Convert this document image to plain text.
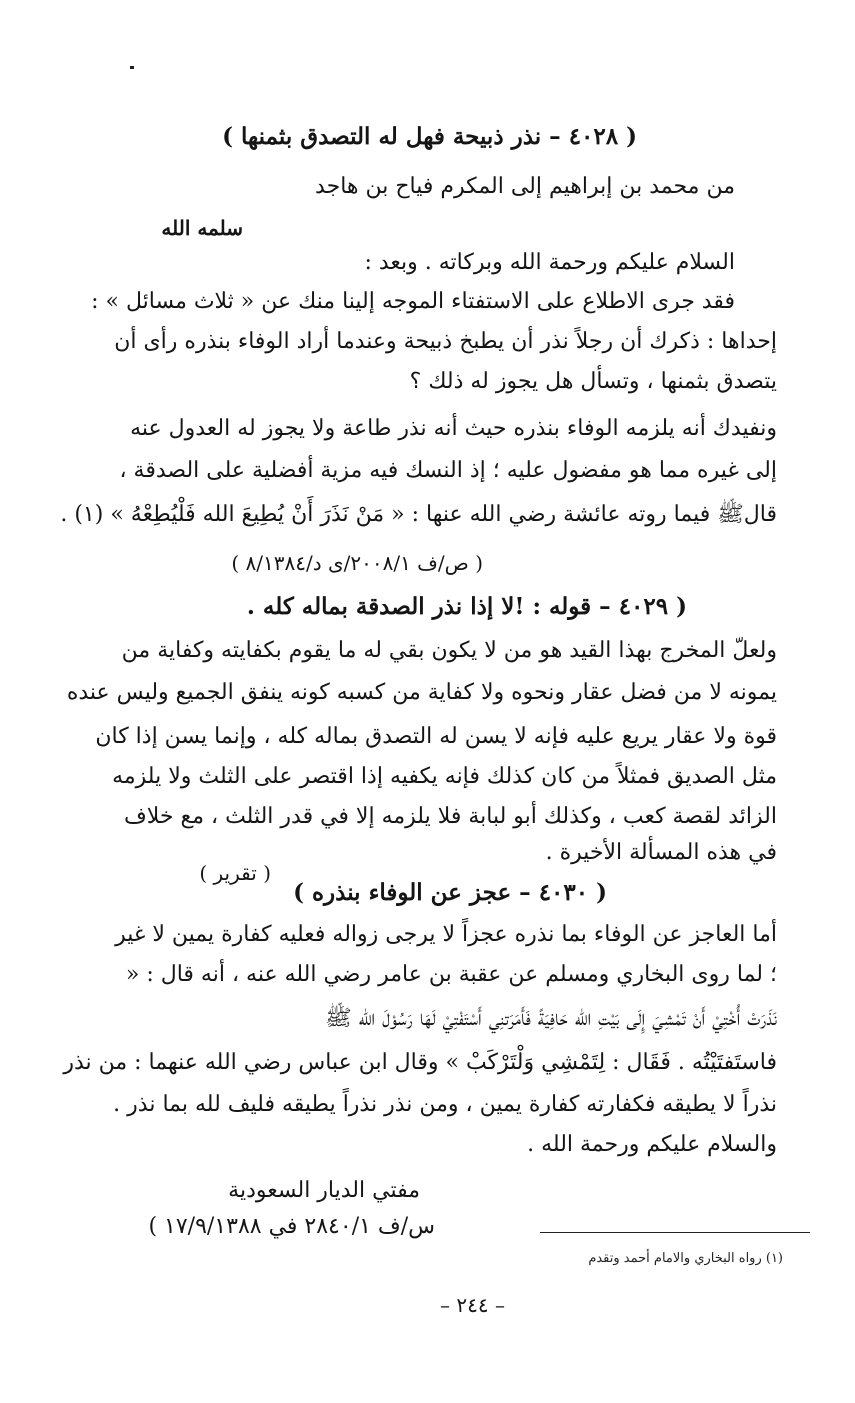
( ٤٠٢٨ – نذر ذبيحة فهل له التصدق بثمنها )
من محمد بن إبراهيم إلى المكرم فياح بن هاجد
سلمه الله
السلام عليكم ورحمة الله وبركاته . وبعد :
فقد جرى الاطلاع على الاستفتاء الموجه إلينا منك عن « ثلاث مسائل » :
إحداها : ذكرك أن رجلاً نذر أن يطبخ ذبيحة وعندما أراد الوفاء بنذره رأى أن
يتصدق بثمنها ، وتسأل هل يجوز له ذلك ؟
ونفيدك أنه يلزمه الوفاء بنذره حيث أنه نذر طاعة ولا يجوز له العدول عنه
إلى غيره مما هو مفضول عليه ؛ إذ النسك فيه مزية أفضلية على الصدقة ،
قالﷺ فيما روته عائشة رضي الله عنها : « مَنْ نَذَرَ أَنْ يُطِيعَ الله فَلْيُطِعْهُ » (١) .
( ص/ف ٢٠٠٨/١/ى د/٨/١٣٨٤ )
( ٤٠٢٩ – قوله : !لا إذا نذر الصدقة بماله كله .
ولعلّ المخرج بهذا القيد هو من لا يكون بقي له ما يقوم بكفايته وكفاية من
يمونه لا من فضل عقار ونحوه ولا كفاية من كسبه كونه ينفق الجميع وليس عنده
قوة ولا عقار يريع عليه فإنه لا يسن له التصدق بماله كله ، وإنما يسن إذا كان
مثل الصديق فمثلاً من كان كذلك فإنه يكفيه إذا اقتصر على الثلث ولا يلزمه
الزائد لقصة كعب ، وكذلك أبو لبابة فلا يلزمه إلا في قدر الثلث ، مع خلاف
في هذه المسألة الأخيرة .
( تقرير )
( ٤٠٣٠ – عجز عن الوفاء بنذره )
أما العاجز عن الوفاء بما نذره عجزاً لا يرجى زواله فعليه كفارة يمين لا غير
؛ لما روى البخاري ومسلم عن عقبة بن عامر رضي الله عنه ، أنه قال : «
نَذَرَتْ أُخْتِيْ أَنْ تَمْشِيَ إِلَى بَيْتِ الله حَافِيَةً فَأَمَرَتنِي أَسْتَفْتِيْ لَهَا رَسُوْلَ الله ﷺ
فاستَفتَيْتُه . فَقَال : لِتَمْشِي وَلْتَرْكَبْ » وقال ابن عباس رضي الله عنهما : من نذر
نذراً لا يطيقه فكفارته كفارة يمين ، ومن نذر نذراً يطيقه فليف لله بما نذر .
والسلام عليكم ورحمة الله .
مفتي الديار السعودية
س/ف ٢٨٤٠/١ في ١٧/٩/١٣٨٨ )
(١) رواه البخاري والامام أحمد وتقدم
– ٢٤٤ –
